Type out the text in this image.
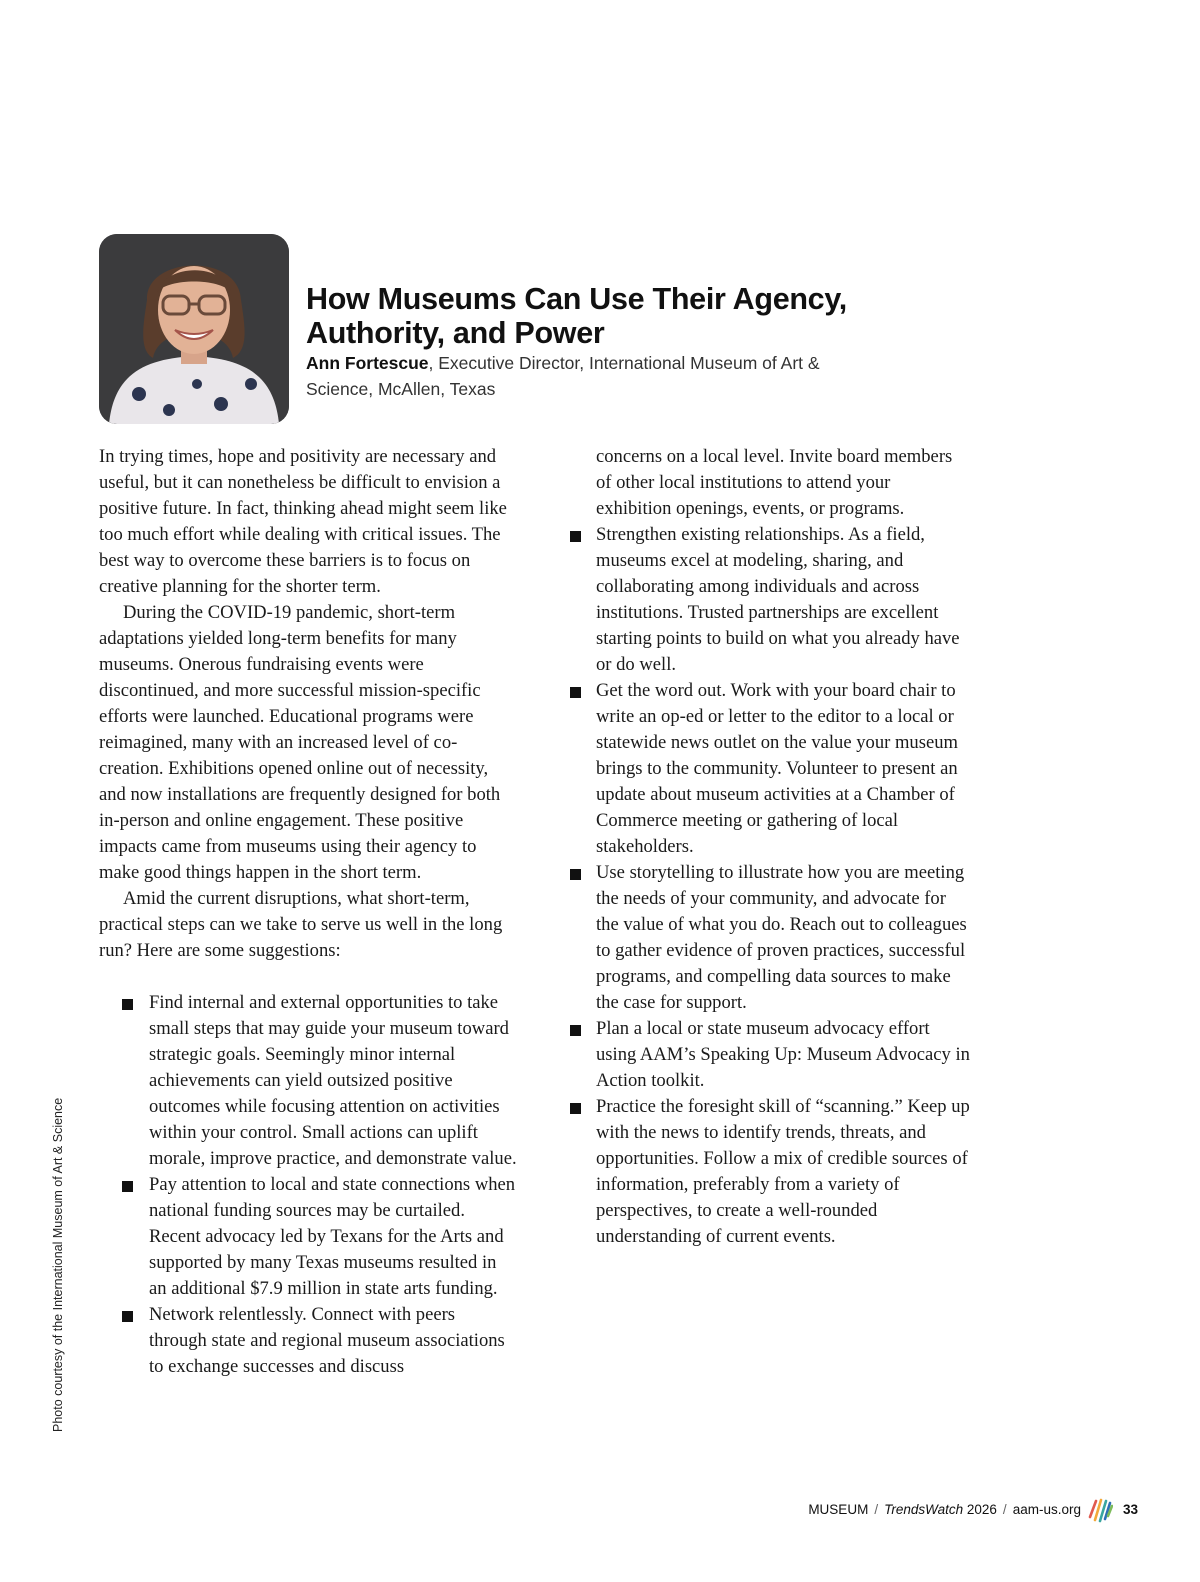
How Museums Can Use Their Agency, Authority, and Power

Ann Fortescue, Executive Director, International Museum of Art & Science, McAllen, Texas

In trying times, hope and positivity are necessary and useful, but it can nonetheless be difficult to envision a positive future. In fact, thinking ahead might seem like too much effort while dealing with critical issues. The best way to overcome these barriers is to focus on creative planning for the shorter term.

During the COVID-19 pandemic, short-term adaptations yielded long-term benefits for many museums. Onerous fundraising events were discontinued, and more successful mission-specific efforts were launched. Educational programs were reimagined, many with an increased level of co-creation. Exhibitions opened online out of necessity, and now installations are frequently designed for both in-person and online engagement. These positive impacts came from museums using their agency to make good things happen in the short term.

Amid the current disruptions, what short-term, practical steps can we take to serve us well in the long run? Here are some suggestions:

Find internal and external opportunities to take small steps that may guide your museum toward strategic goals. Seemingly minor internal achievements can yield outsized positive outcomes while focusing attention on activities within your control. Small actions can uplift morale, improve practice, and demonstrate value.
Pay attention to local and state connections when national funding sources may be curtailed. Recent advocacy led by Texans for the Arts and supported by many Texas museums resulted in an additional $7.9 million in state arts funding.
Network relentlessly. Connect with peers through state and regional museum associations to exchange successes and discuss
concerns on a local level. Invite board members of other local institutions to attend your exhibition openings, events, or programs.
Strengthen existing relationships. As a field, museums excel at modeling, sharing, and collaborating among individuals and across institutions. Trusted partnerships are excellent starting points to build on what you already have or do well.
Get the word out. Work with your board chair to write an op-ed or letter to the editor to a local or statewide news outlet on the value your museum brings to the community. Volunteer to present an update about museum activities at a Chamber of Commerce meeting or gathering of local stakeholders.
Use storytelling to illustrate how you are meeting the needs of your community, and advocate for the value of what you do. Reach out to colleagues to gather evidence of proven practices, successful programs, and compelling data sources to make the case for support.
Plan a local or state museum advocacy effort using AAM’s Speaking Up: Museum Advocacy in Action toolkit.
Practice the foresight skill of “scanning.” Keep up with the news to identify trends, threats, and opportunities. Follow a mix of credible sources of information, preferably from a variety of perspectives, to create a well-rounded understanding of current events.
Photo courtesy of the International Museum of Art & Science
MUSEUM / TrendsWatch 2026 / aam-us.org	33
